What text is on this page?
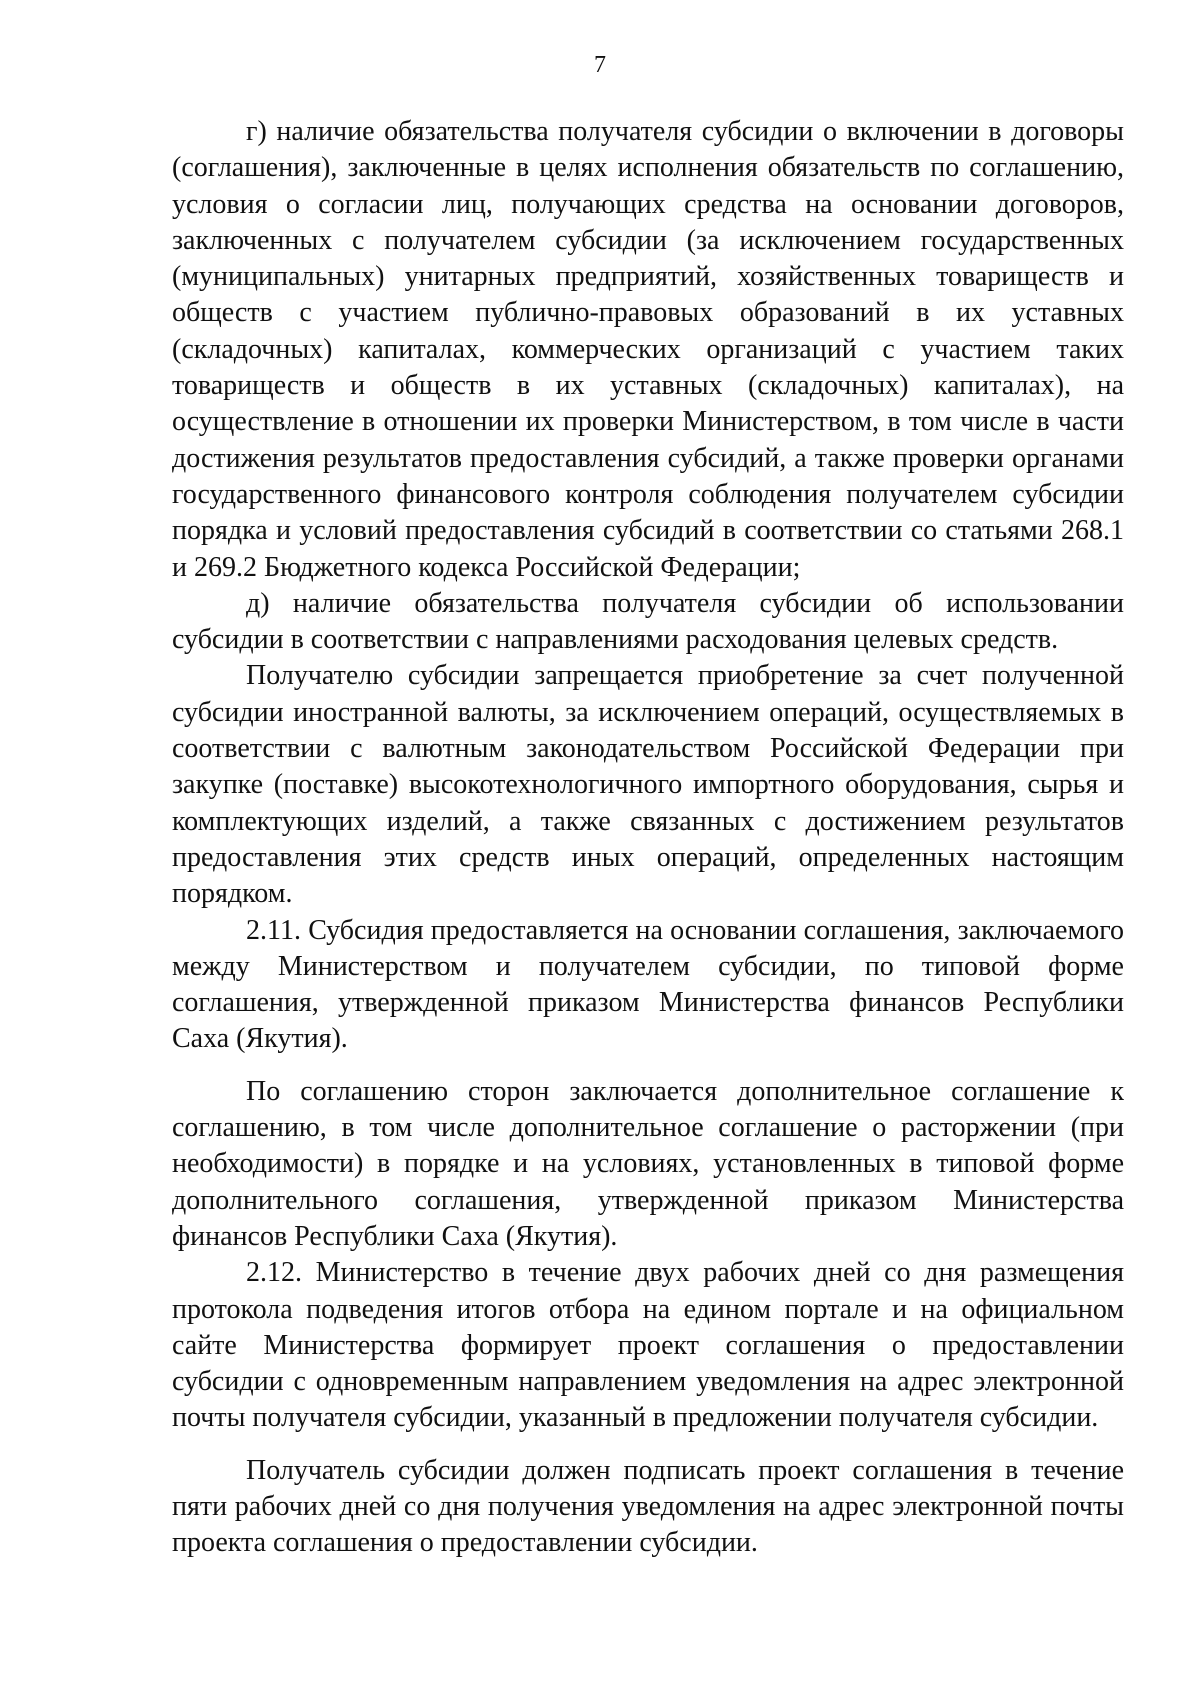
7

г) наличие обязательства получателя субсидии о включении в договоры (соглашения), заключенные в целях исполнения обязательств по соглашению, условия о согласии лиц, получающих средства на основании договоров, заключенных с получателем субсидии (за исключением государственных (муниципальных) унитарных предприятий, хозяйственных товариществ и обществ с участием публично-правовых образований в их уставных (складочных) капиталах, коммерческих организаций с участием таких товариществ и обществ в их уставных (складочных) капиталах), на осуществление в отношении их проверки Министерством, в том числе в части достижения результатов предоставления субсидий, а также проверки органами государственного финансового контроля соблюдения получателем субсидии порядка и условий предоставления субсидий в соответствии со статьями 268.1 и 269.2 Бюджетного кодекса Российской Федерации;

д) наличие обязательства получателя субсидии об использовании субсидии в соответствии с направлениями расходования целевых средств.

Получателю субсидии запрещается приобретение за счет полученной субсидии иностранной валюты, за исключением операций, осуществляемых в соответствии с валютным законодательством Российской Федерации при закупке (поставке) высокотехнологичного импортного оборудования, сырья и комплектующих изделий, а также связанных с достижением результатов предоставления этих средств иных операций, определенных настоящим порядком.

2.11. Субсидия предоставляется на основании соглашения, заключаемого между Министерством и получателем субсидии, по типовой форме соглашения, утвержденной приказом Министерства финансов Республики Саха (Якутия).

По соглашению сторон заключается дополнительное соглашение к соглашению, в том числе дополнительное соглашение о расторжении (при необходимости) в порядке и на условиях, установленных в типовой форме дополнительного соглашения, утвержденной приказом Министерства финансов Республики Саха (Якутия).

2.12. Министерство в течение двух рабочих дней со дня размещения протокола подведения итогов отбора на едином портале и на официальном сайте Министерства формирует проект соглашения о предоставлении субсидии с одновременным направлением уведомления на адрес электронной почты получателя субсидии, указанный в предложении получателя субсидии.

Получатель субсидии должен подписать проект соглашения в течение пяти рабочих дней со дня получения уведомления на адрес электронной почты проекта соглашения о предоставлении субсидии.
